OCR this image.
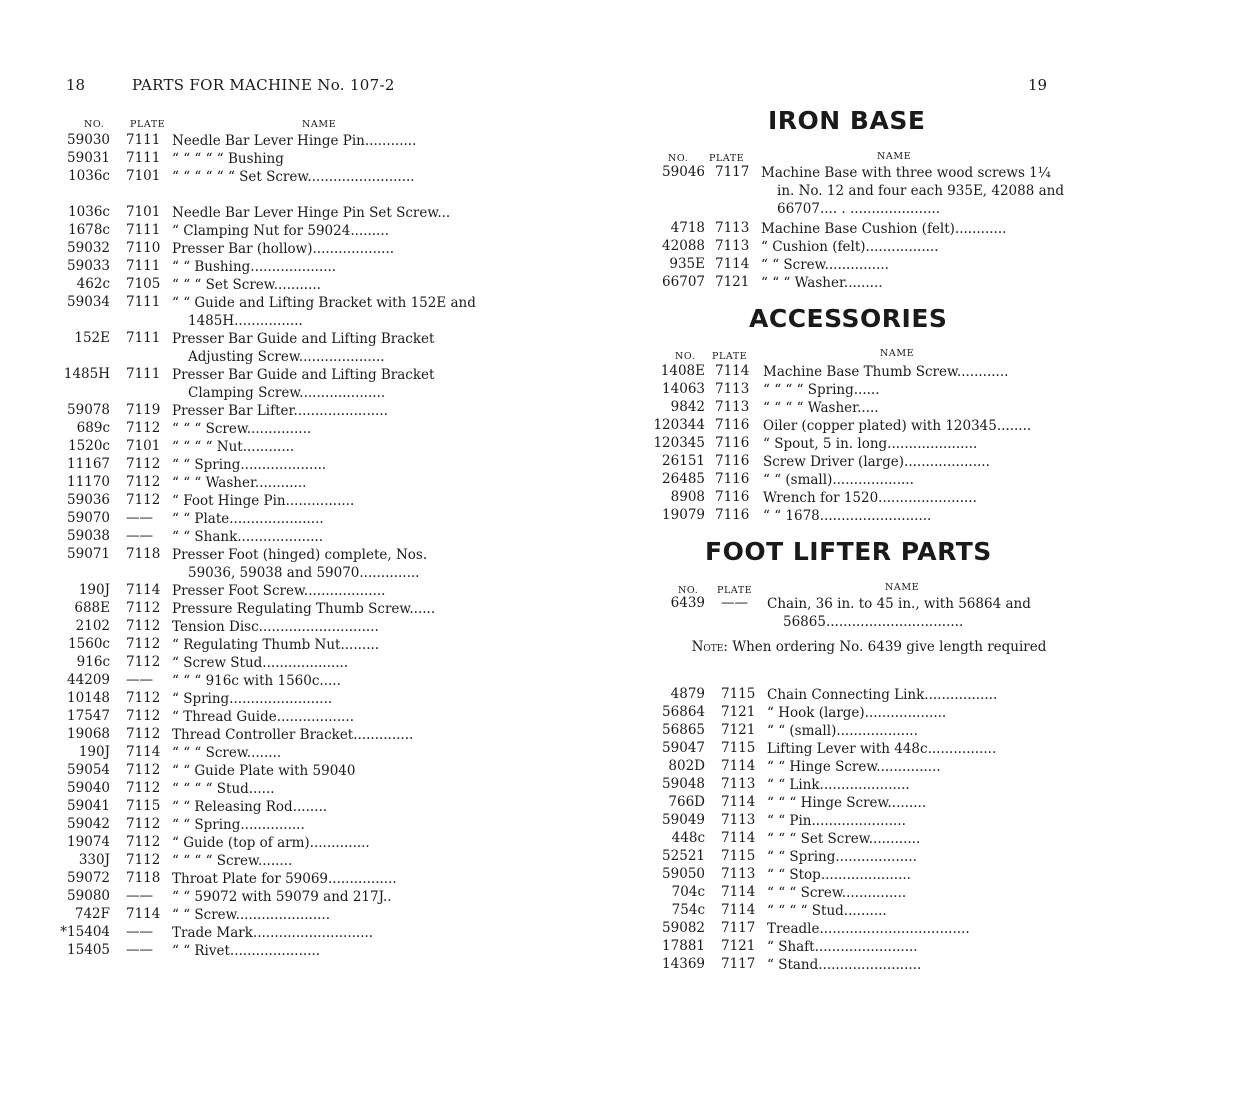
18	PARTS FOR MACHINE No. 107-2
NO.	PLATE	NAME
59030 7111 Needle Bar Lever Hinge Pin............
59031 7111 “ “ “ “ “ Bushing
1036c 7101 “ “ “ “ “ “ Set Screw.........................
1036c 7101 Needle Bar Lever Hinge Pin Set Screw...
1678c 7111 “ Clamping Nut for 59024.........
59032 7110 Presser Bar (hollow)...................
59033 7111 “ “ Bushing....................
462c 7105 “ “ “ Set Screw...........
59034 7111 “ “ Guide and Lifting Bracket with 152E and 1485H................
152E 7111 Presser Bar Guide and Lifting Bracket Adjusting Screw....................
1485H 7111 Presser Bar Guide and Lifting Bracket Clamping Screw....................
59078 7119 Presser Bar Lifter......................
689c 7112 “ “ “ Screw...............
1520c 7101 “ “ “ “ Nut............
11167 7112 “ “ Spring....................
11170 7112 “ “ “ Washer............
59036 7112 “ Foot Hinge Pin................
59070 —— “ “ Plate......................
59038 —— “ “ Shank....................
59071 7118 Presser Foot (hinged) complete, Nos. 59036, 59038 and 59070..............
190J 7114 Presser Foot Screw...................
688E 7112 Pressure Regulating Thumb Screw......
2102 7112 Tension Disc............................
1560c 7112 “ Regulating Thumb Nut.........
916c 7112 “ Screw Stud....................
44209 —— “ “ “ 916c with 1560c.....
10148 7112 “ Spring........................
17547 7112 “ Thread Guide..................
19068 7112 Thread Controller Bracket..............
190J 7114 “ “ “ Screw........
59054 7112 “ “ Guide Plate with 59040
59040 7112 “ “ “ “ Stud......
59041 7115 “ “ Releasing Rod........
59042 7112 “ “ Spring...............
19074 7112 “ Guide (top of arm)..............
330J 7112 “ “ “ “ Screw........
59072 7118 Throat Plate for 59069................
59080 —— “ “ 59072 with 59079 and 217J..
742F 7114 “ “ Screw......................
*15404 —— Trade Mark............................
15405 —— “ “ Rivet.....................
19
IRON BASE
NO. PLATE	NAME
59046 7117 Machine Base with three wood screws 1¼ in. No. 12 and four each 935E, 42088 and 66707.... . .....................
4718 7113 Machine Base Cushion (felt)............
42088 7113 “ Cushion (felt).................
935E 7114 “ “ Screw...............
66707 7121 “ “ “ Washer.........
ACCESSORIES
NO. PLATE	NAME
1408E 7114 Machine Base Thumb Screw............
14063 7113 “ “ “ “ Spring......
9842 7113 “ “ “ “ Washer.....
120344 7116 Oiler (copper plated) with 120345........
120345 7116 “ Spout, 5 in. long.....................
26151 7116 Screw Driver (large)....................
26485 7116 “ “ (small)...................
8908 7116 Wrench for 1520.......................
19079 7116 “ “ 1678..........................
FOOT LIFTER PARTS
NO. PLATE	NAME
6439 —— Chain, 36 in. to 45 in., with 56864 and 56865................................
Note: When ordering No. 6439 give length required
4879 7115 Chain Connecting Link.................
56864 7121 “ Hook (large)...................
56865 7121 “ “ (small)...................
59047 7115 Lifting Lever with 448c................
802D 7114 “ “ Hinge Screw...............
59048 7113 “ “ Link.....................
766D 7114 “ “ “ Hinge Screw.........
59049 7113 “ “ Pin......................
448c 7114 “ “ “ Set Screw............
52521 7115 “ “ Spring...................
59050 7113 “ “ Stop.....................
704c 7114 “ “ “ Screw...............
754c 7114 “ “ “ “ Stud..........
59082 7117 Treadle...................................
17881 7121 “ Shaft........................
14369 7117 “ Stand........................
